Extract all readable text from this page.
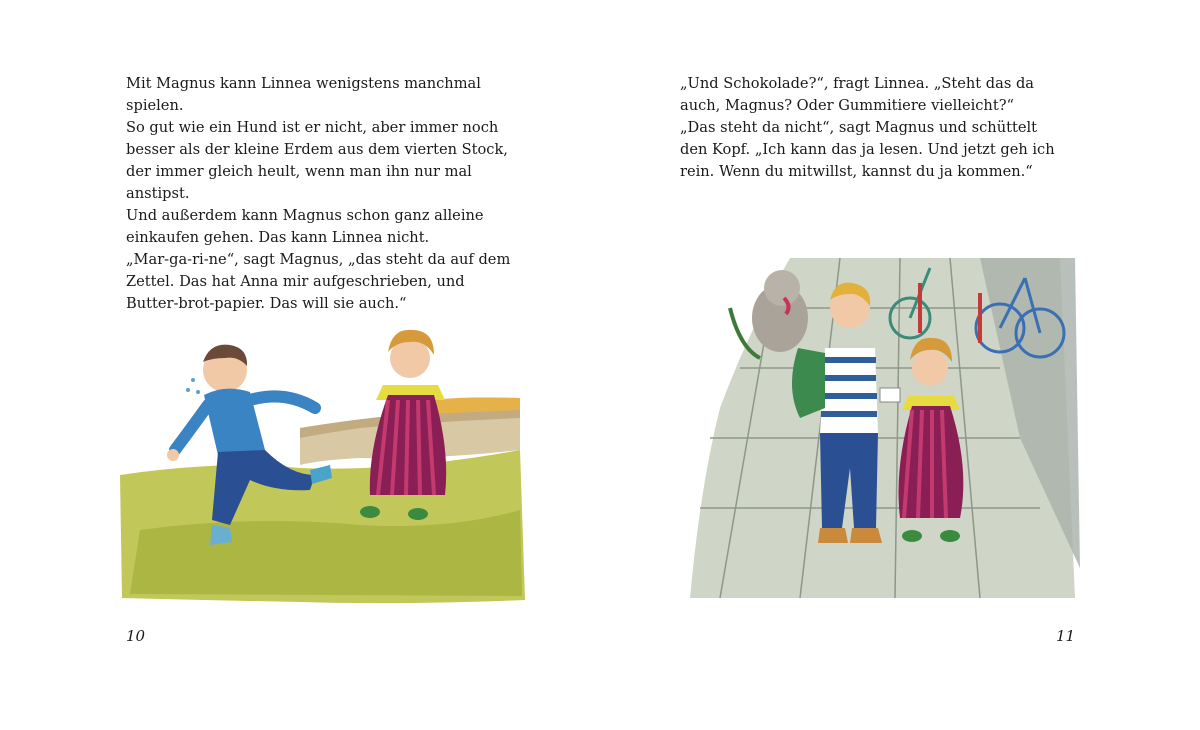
Mit Magnus kann Linnea wenigstens manchmal
spielen.
So gut wie ein Hund ist er nicht, aber immer noch
besser als der kleine Erdem aus dem vierten Stock,
der immer gleich heult, wenn man ihn nur mal
anstipst.
Und außerdem kann Magnus schon ganz alleine
einkaufen gehen. Das kann Linnea nicht.
„Mar-ga-ri-ne“, sagt Magnus, „das steht da auf dem
Zettel. Das hat Anna mir aufgeschrieben, und
Butter-brot-papier. Das will sie auch.“
10
„Und Schokolade?“, fragt Linnea. „Steht das da
auch, Magnus? Oder Gummitiere vielleicht?“
„Das steht da nicht“, sagt Magnus und schüttelt
den Kopf. „Ich kann das ja lesen. Und jetzt geh ich
rein. Wenn du mitwillst, kannst du ja kommen.“
11
